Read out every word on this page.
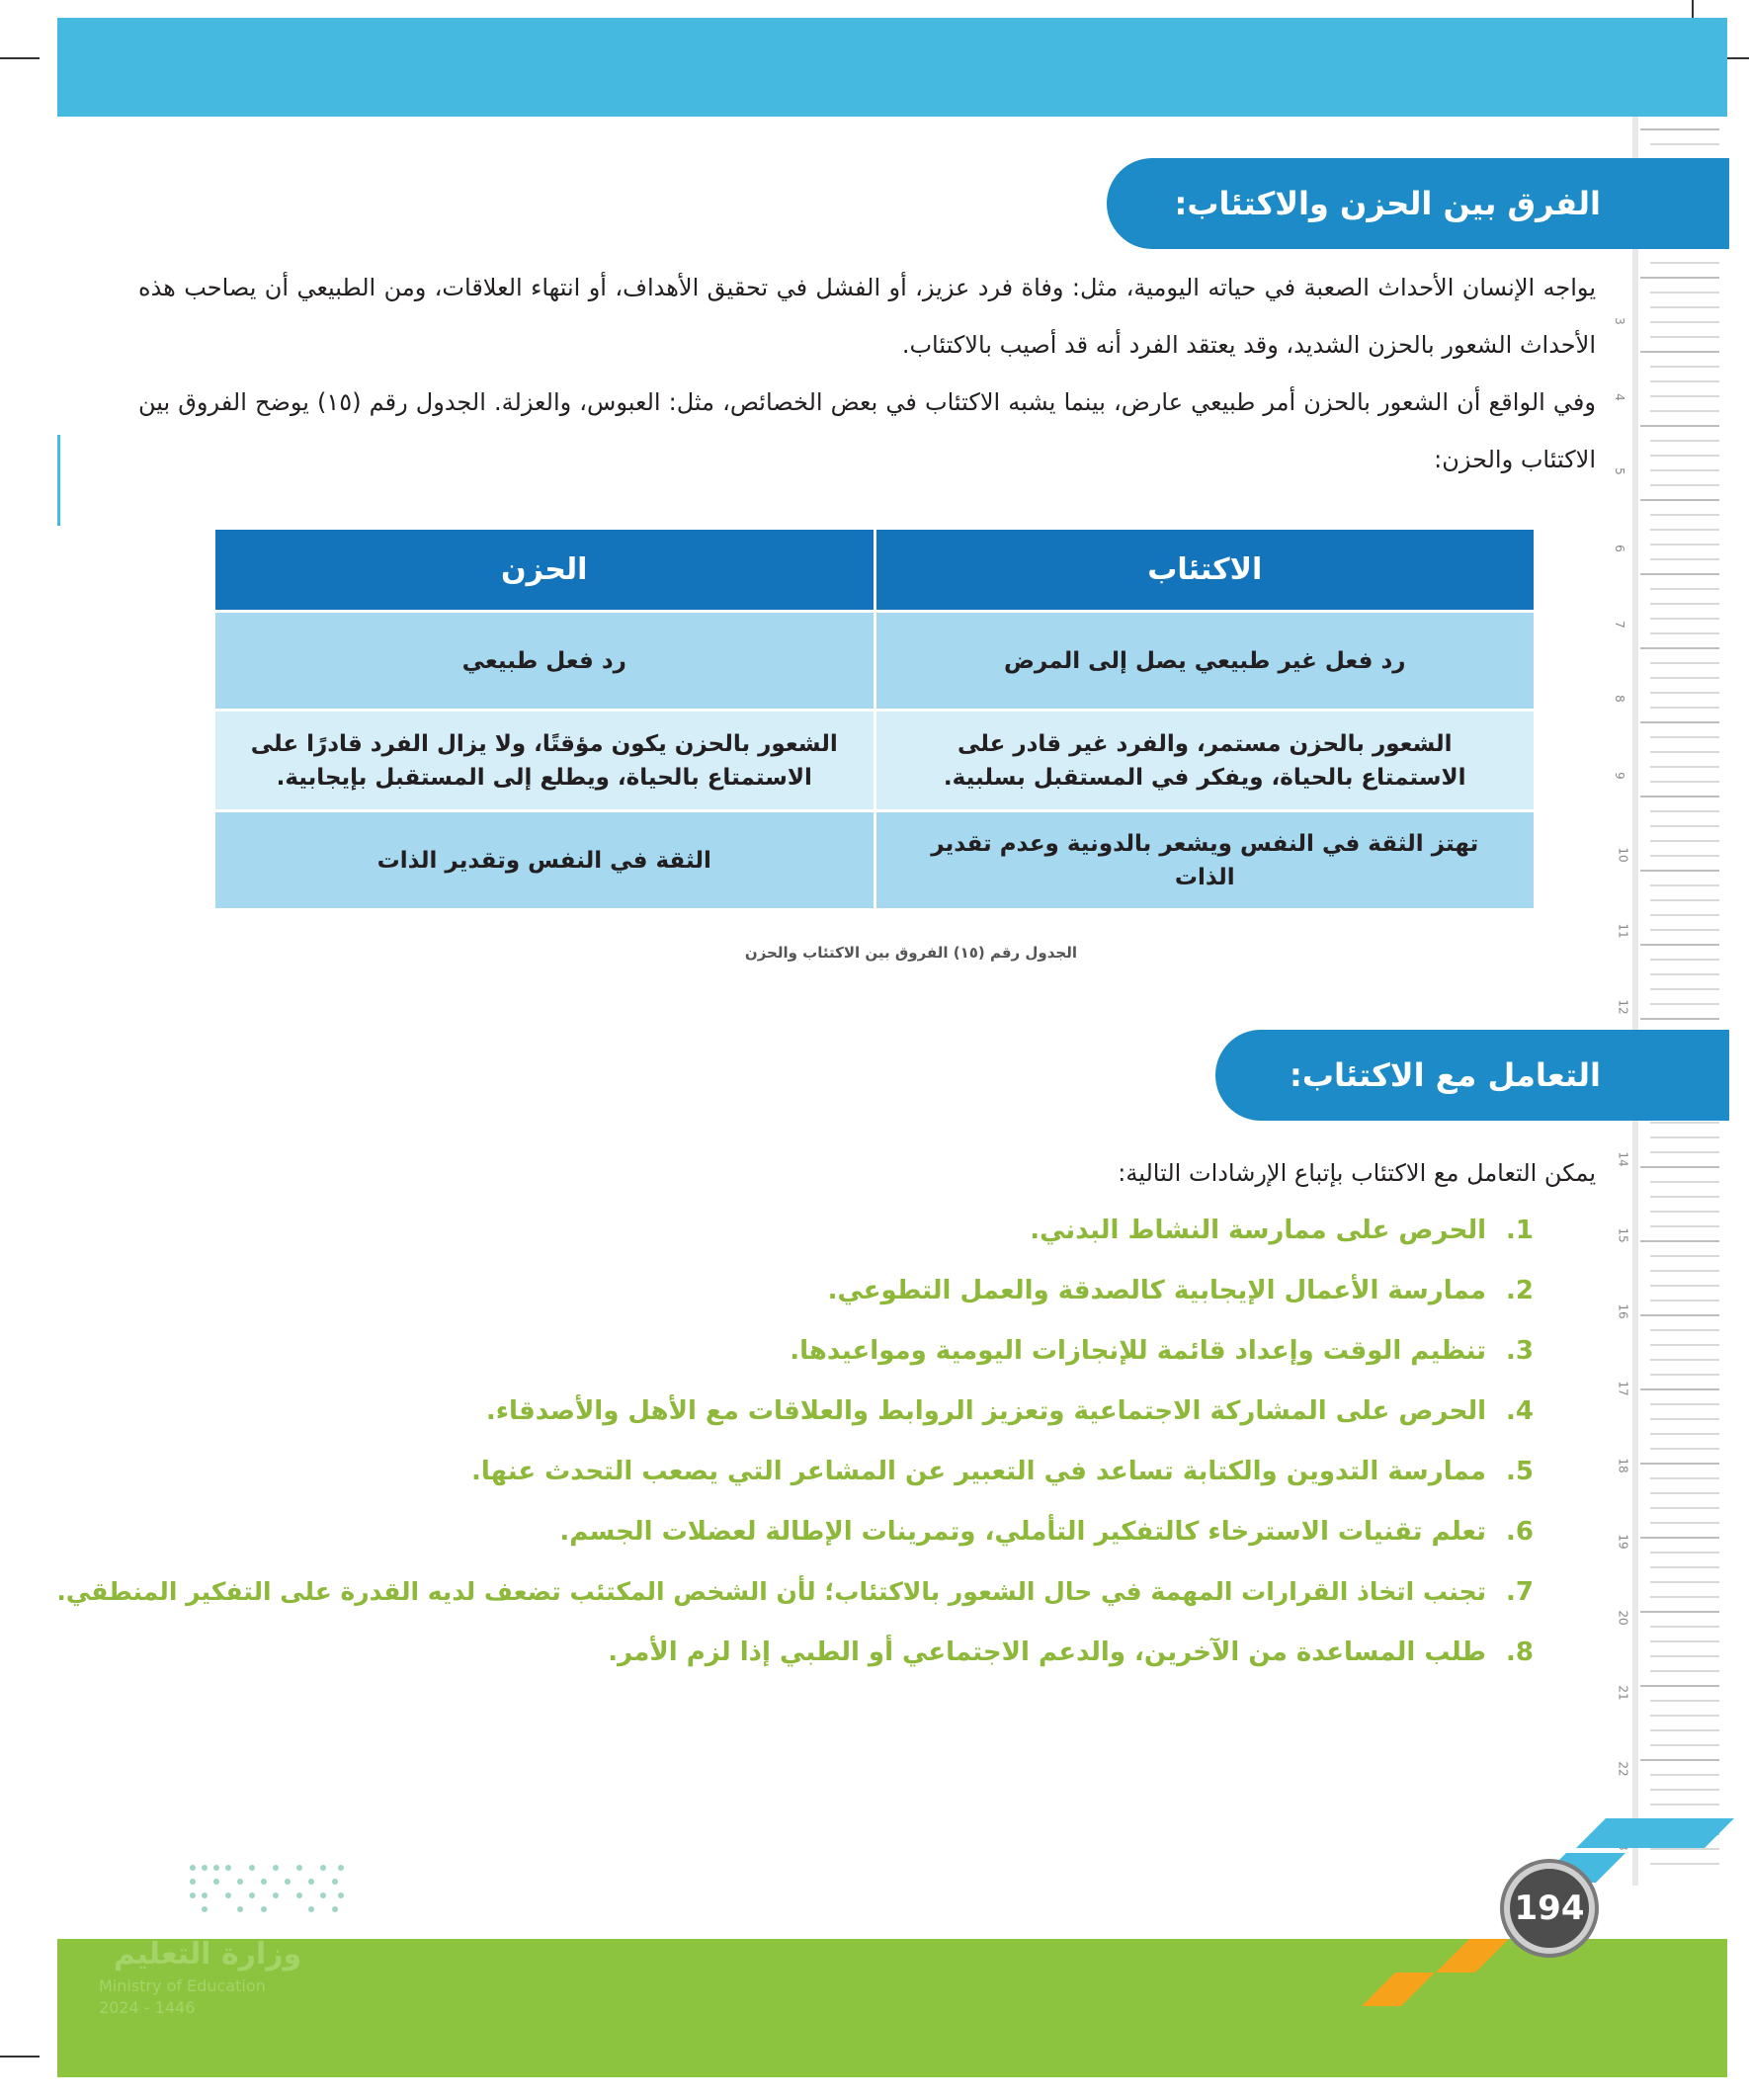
3
4
5
6
7
8
9
10
11
12
14
15
16
17
18
19
20
21
22
الفرق بين الحزن والاكتئاب:

يواجه الإنسان الأحداث الصعبة في حياته اليومية، مثل: وفاة فرد عزيز، أو الفشل في تحقيق الأهداف، أو انتهاء العلاقات، ومن الطبيعي أن يصاحب هذه الأحداث الشعور بالحزن الشديد، وقد يعتقد الفرد أنه قد أصيب بالاكتئاب.

وفي الواقع أن الشعور بالحزن أمر طبيعي عارض، بينما يشبه الاكتئاب في بعض الخصائص، مثل: العبوس، والعزلة. الجدول رقم (١٥) يوضح الفروق بين الاكتئاب والحزن:

الاكتئاب	الحزن
رد فعل غير طبيعي يصل إلى المرض	رد فعل طبيعي
الشعور بالحزن مستمر، والفرد غير قادر على الاستمتاع بالحياة، ويفكر في المستقبل بسلبية.	الشعور بالحزن يكون مؤقتًا، ولا يزال الفرد قادرًا على الاستمتاع بالحياة، ويطلع إلى المستقبل بإيجابية.
تهتز الثقة في النفس ويشعر بالدونية وعدم تقدير الذات	الثقة في النفس وتقدير الذات
الجدول رقم (١٥) الفروق بين الاكتئاب والحزن
التعامل مع الاكتئاب:

يمكن التعامل مع الاكتئاب بإتباع الإرشادات التالية:

1.الحرص على ممارسة النشاط البدني.
2.ممارسة الأعمال الإيجابية كالصدقة والعمل التطوعي.
3.تنظيم الوقت وإعداد قائمة للإنجازات اليومية ومواعيدها.
4.الحرص على المشاركة الاجتماعية وتعزيز الروابط والعلاقات مع الأهل والأصدقاء.
5.ممارسة التدوين والكتابة تساعد في التعبير عن المشاعر التي يصعب التحدث عنها.
6.تعلم تقنيات الاسترخاء كالتفكير التأملي، وتمرينات الإطالة لعضلات الجسم.
7.تجنب اتخاذ القرارات المهمة في حال الشعور بالاكتئاب؛ لأن الشخص المكتئب تضعف لديه القدرة على التفكير المنطقي.
8.طلب المساعدة من الآخرين، والدعم الاجتماعي أو الطبي إذا لزم الأمر.
وزارة التعليم
Ministry of Education
2024 - 1446
194
